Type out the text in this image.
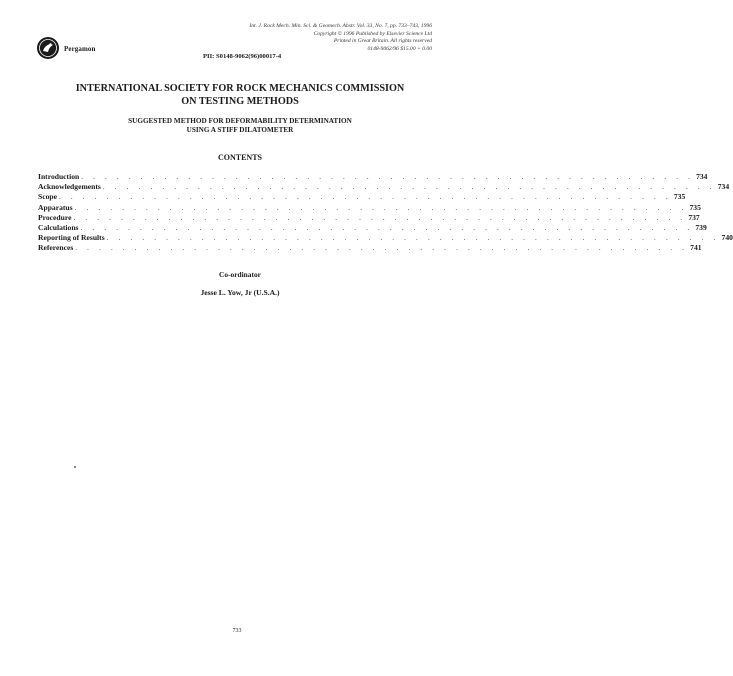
Pergamon
Int. J. Rock Mech. Min. Sci. & Geomech. Abstr. Vol. 33, No. 7, pp. 733–743, 1996
Copyright © 1996 Published by Elsevier Science Ltd
Printed in Great Britain. All rights reserved
0148-9062/96 $15.00 + 0.00
PII: S0148-9062(96)00017-4
INTERNATIONAL SOCIETY FOR ROCK MECHANICS COMMISSION
ON TESTING METHODS
SUGGESTED METHOD FOR DEFORMABILITY DETERMINATION
USING A STIFF DILATOMETER
CONTENTS
Introduction . . . . . . . . . . . . . . . . . . . . . . . . . . . . . . . . . . . . . . . . . . . . . . . . . . . . 734
Acknowledgements . . . . . . . . . . . . . . . . . . . . . . . . . . . . . . . . . . . . . . . . . . . . . . . . . . . . 734
Scope . . . . . . . . . . . . . . . . . . . . . . . . . . . . . . . . . . . . . . . . . . . . . . . . . . . . 735
Apparatus . . . . . . . . . . . . . . . . . . . . . . . . . . . . . . . . . . . . . . . . . . . . . . . . . . . . 735
Procedure . . . . . . . . . . . . . . . . . . . . . . . . . . . . . . . . . . . . . . . . . . . . . . . . . . . . 737
Calculations . . . . . . . . . . . . . . . . . . . . . . . . . . . . . . . . . . . . . . . . . . . . . . . . . . . . 739
Reporting of Results . . . . . . . . . . . . . . . . . . . . . . . . . . . . . . . . . . . . . . . . . . . . . . . . . . . . 740
References . . . . . . . . . . . . . . . . . . . . . . . . . . . . . . . . . . . . . . . . . . . . . . . . . . . . 741
Co-ordinator
Jesse L. Yow, Jr (U.S.A.)
733
